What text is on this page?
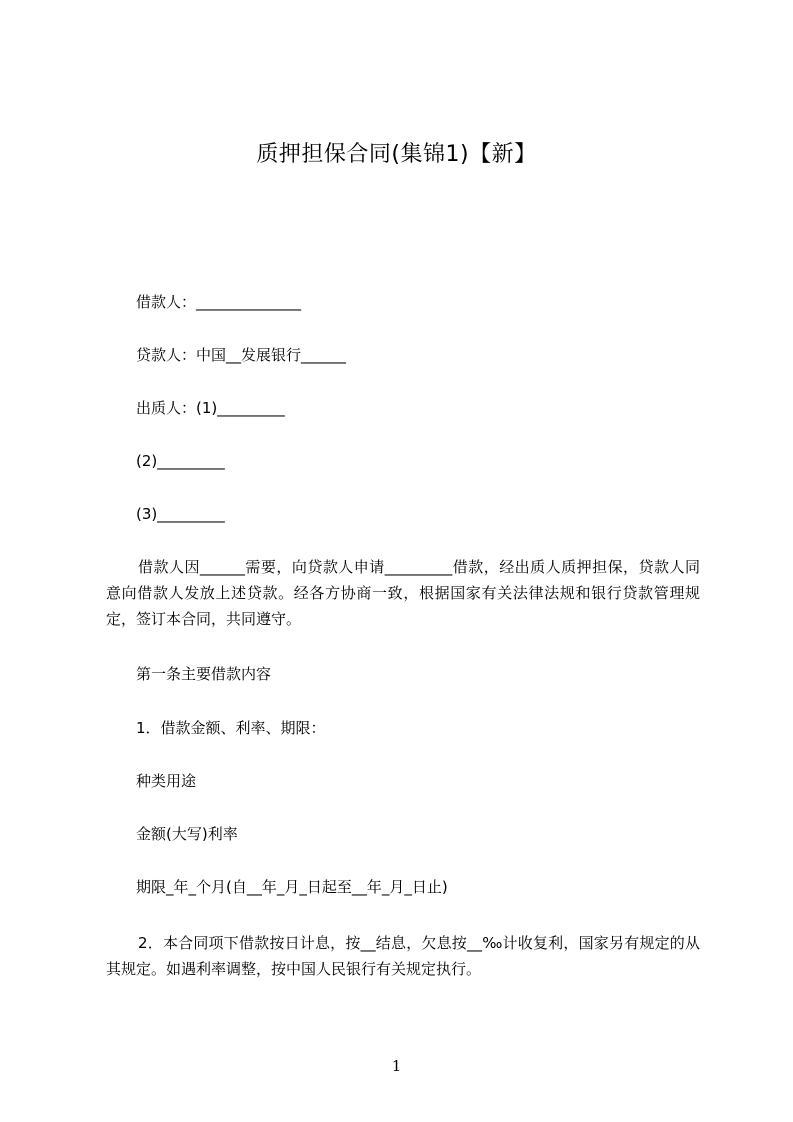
质押担保合同(集锦1)【新】
借款人：______________
贷款人：中国__发展银行______
出质人：(1)_________
(2)_________
(3)_________
借款人因______需要，向贷款人申请_________借款，经出质人质押担保，贷款人同意向借款人发放上述贷款。经各方协商一致，根据国家有关法律法规和银行贷款管理规定，签订本合同，共同遵守。
第一条主要借款内容
1．借款金额、利率、期限：
种类用途
金额(大写)利率
期限_年_个月(自__年_月_日起至__年_月_日止)
2．本合同项下借款按日计息，按__结息，欠息按__‰计收复利，国家另有规定的从其规定。如遇利率调整，按中国人民银行有关规定执行。
1
